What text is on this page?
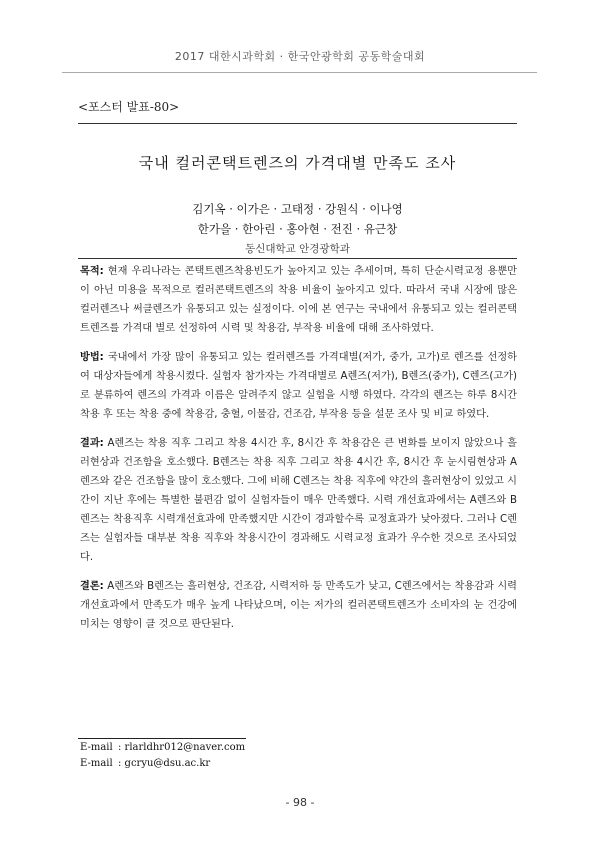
2017 대한시과학회 · 한국안광학회 공동학술대회
<포스터 발표-80>
국내 컬러콘택트렌즈의 가격대별 만족도 조사
김기옥 · 이가은 · 고태정 · 강원식 · 이나영
한가을 · 한아린 · 홍아현 · 전진 · 유근창
동신대학교 안경광학과

목적: 현재 우리나라는 콘택트렌즈착용빈도가 높아지고 있는 추세이며, 특히 단순시력교정 용뿐만이 아닌 미용을 목적으로 컬러콘택트렌즈의 착용 비율이 높아지고 있다. 따라서 국내 시장에 많은 컬러렌즈나 써클렌즈가 유통되고 있는 실정이다. 이에 본 연구는 국내에서 유통되고 있는 컬러콘택트렌즈를 가격대 별로 선정하여 시력 및 착용감, 부작용 비율에 대해 조사하였다.

방법: 국내에서 가장 많이 유통되고 있는 컬러렌즈를 가격대별(저가, 중가, 고가)로 렌즈를 선정하여 대상자들에게 착용시켰다. 실험자 참가자는 가격대별로 A렌즈(저가), B렌즈(중가), C렌즈(고가)로 분류하여 렌즈의 가격과 이름은 알려주지 않고 실험을 시행 하였다. 각각의 렌즈는 하루 8시간 착용 후 또는 착용 중에 착용감, 충혈, 이물감, 건조감, 부작용 등을 설문 조사 및 비교 하였다.

결과: A렌즈는 착용 직후 그리고 착용 4시간 후, 8시간 후 착용감은 큰 변화를 보이지 않았으나 흘러현상과 건조함을 호소했다. B렌즈는 착용 직후 그리고 착용 4시간 후, 8시간 후 눈시림현상과 A렌즈와 같은 건조함을 많이 호소했다. 그에 비해 C렌즈는 착용 직후에 약간의 흘러현상이 있었고 시간이 지난 후에는 특별한 불편감 없이 실험자들이 매우 만족했다. 시력 개선효과에서는 A렌즈와 B렌즈는 착용직후 시력개선효과에 만족했지만 시간이 경과할수록 교정효과가 낮아졌다. 그러나 C렌즈는 실험자들 대부분 착용 직후와 착용시간이 경과해도 시력교정 효과가 우수한 것으로 조사되었다.

결론: A렌즈와 B렌즈는 흘러현상, 건조감, 시력저하 등 만족도가 낮고, C렌즈에서는 착용감과 시력개선효과에서 만족도가 매우 높게 나타났으며, 이는 저가의 컬러콘택트렌즈가 소비자의 눈 건강에 미치는 영향이 클 것으로 판단된다.

E-mail : rlarldhr012@naver.com
E-mail : gcryu@dsu.ac.kr
- 98 -
